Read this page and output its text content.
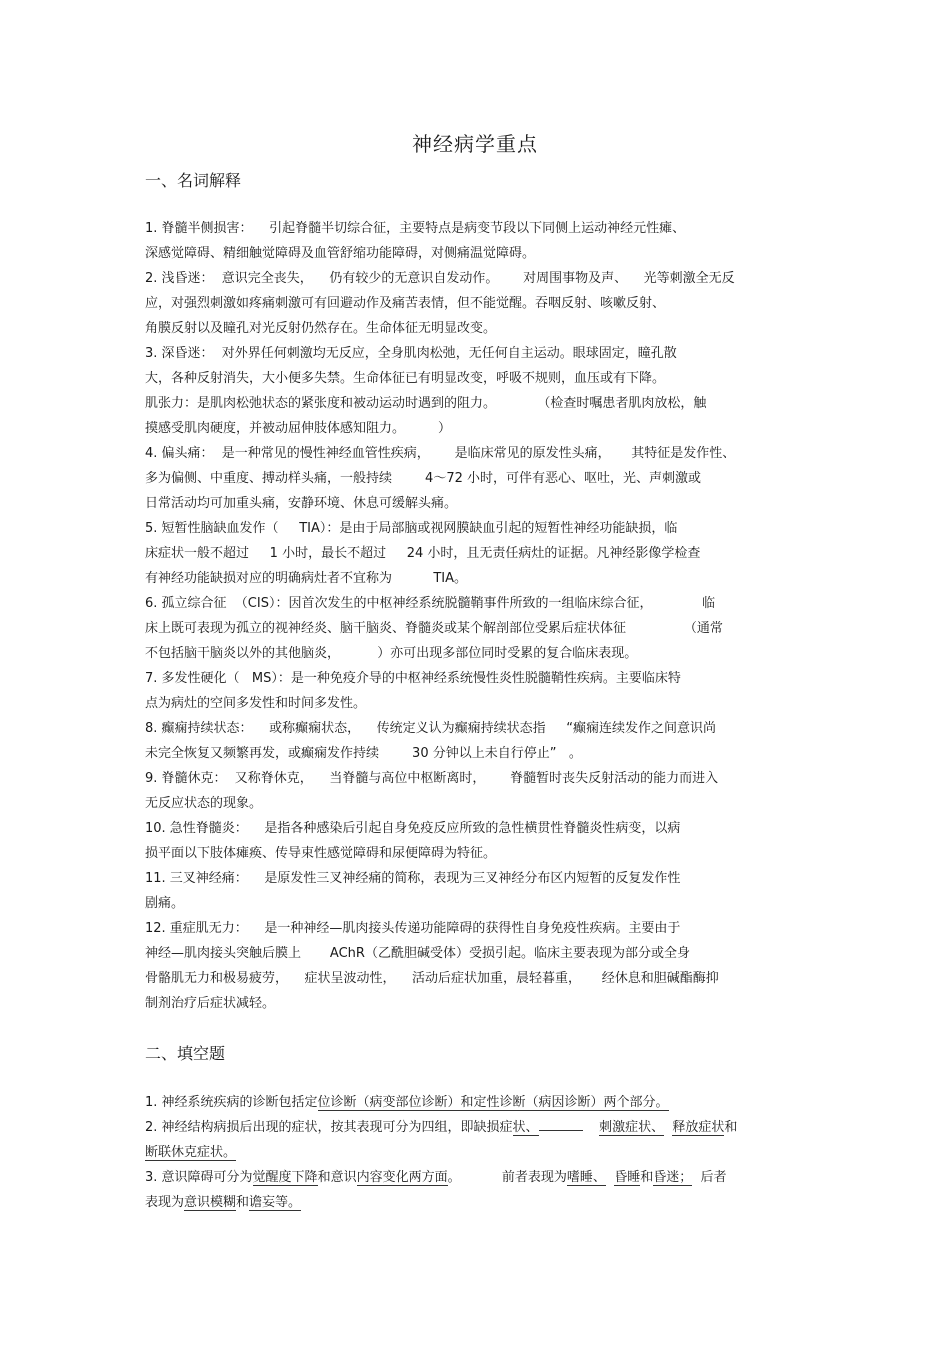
神经病学重点
一、名词解释

1. 脊髓半侧损害：    引起脊髓半切综合征，主要特点是病变节段以下同侧上运动神经元性瘫、

深感觉障碍、精细触觉障碍及血管舒缩功能障碍，对侧痛温觉障碍。

2. 浅昏迷：  意识完全丧失，    仍有较少的无意识自发动作。      对周围事物及声、    光等刺激全无反

应，对强烈刺激如疼痛刺激可有回避动作及痛苦表情，但不能觉醒。吞咽反射、咳嗽反射、

角膜反射以及瞳孔对光反射仍然存在。生命体征无明显改变。

3. 深昏迷：  对外界任何刺激均无反应，全身肌肉松弛，无任何自主运动。眼球固定，瞳孔散

大，各种反射消失，大小便多失禁。生命体征已有明显改变，呼吸不规则，血压或有下降。

肌张力：是肌肉松弛状态的紧张度和被动运动时遇到的阻力。          （检查时嘱患者肌肉放松，触

摸感受肌肉硬度，并被动屈伸肢体感知阻力。        ）

4. 偏头痛：  是一种常见的慢性神经血管性疾病，      是临床常见的原发性头痛，     其特征是发作性、

多为偏侧、中重度、搏动样头痛，一般持续        4～72 小时，可伴有恶心、呕吐，光、声刺激或

日常活动均可加重头痛，安静环境、休息可缓解头痛。

5. 短暂性脑缺血发作（     TIA）：是由于局部脑或视网膜缺血引起的短暂性神经功能缺损，临

床症状一般不超过     1 小时，最长不超过     24 小时，且无责任病灶的证据。凡神经影像学检查

有神经功能缺损对应的明确病灶者不宜称为          TIA。

6. 孤立综合征  （CIS）：因首次发生的中枢神经系统脱髓鞘事件所致的一组临床综合征，            临

床上既可表现为孤立的视神经炎、脑干脑炎、脊髓炎或某个解剖部位受累后症状体征              （通常

不包括脑干脑炎以外的其他脑炎，         ）亦可出现多部位同时受累的复合临床表现。

7. 多发性硬化（   MS）：是一种免疫介导的中枢神经系统慢性炎性脱髓鞘性疾病。主要临床特

点为病灶的空间多发性和时间多发性。

8. 癫痫持续状态：    或称癫痫状态，    传统定义认为癫痫持续状态指     “癫痫连续发作之间意识尚

未完全恢复又频繁再发，或癫痫发作持续        30 分钟以上未自行停止”   。

9. 脊髓休克：  又称脊休克，    当脊髓与高位中枢断离时，      脊髓暂时丧失反射活动的能力而进入

无反应状态的现象。

10. 急性脊髓炎：    是指各种感染后引起自身免疫反应所致的急性横贯性脊髓炎性病变，以病

损平面以下肢体瘫痪、传导束性感觉障碍和尿便障碍为特征。

11. 三叉神经痛：    是原发性三叉神经痛的简称，表现为三叉神经分布区内短暂的反复发作性

剧痛。

12. 重症肌无力：    是一种神经—肌肉接头传递功能障碍的获得性自身免疫性疾病。主要由于

神经—肌肉接头突触后膜上       AChR（乙酰胆碱受体）受损引起。临床主要表现为部分或全身

骨骼肌无力和极易疲劳，    症状呈波动性，    活动后症状加重，晨轻暮重，     经休息和胆碱酯酶抑

制剂治疗后症状减轻。

二、填空题

1. 神经系统疾病的诊断包括定位诊断（病变部位诊断）和定性诊断（病因诊断）两个部分。

2. 神经结构病损后出现的症状，按其表现可分为四组，即缺损症状、	刺激症状、 释放症状和

断联休克症状。

3. 意识障碍可分为觉醒度下降和意识内容变化两方面。          前者表现为嗜睡、 昏睡和昏迷；  后者

表现为意识模糊和谵妄等。
